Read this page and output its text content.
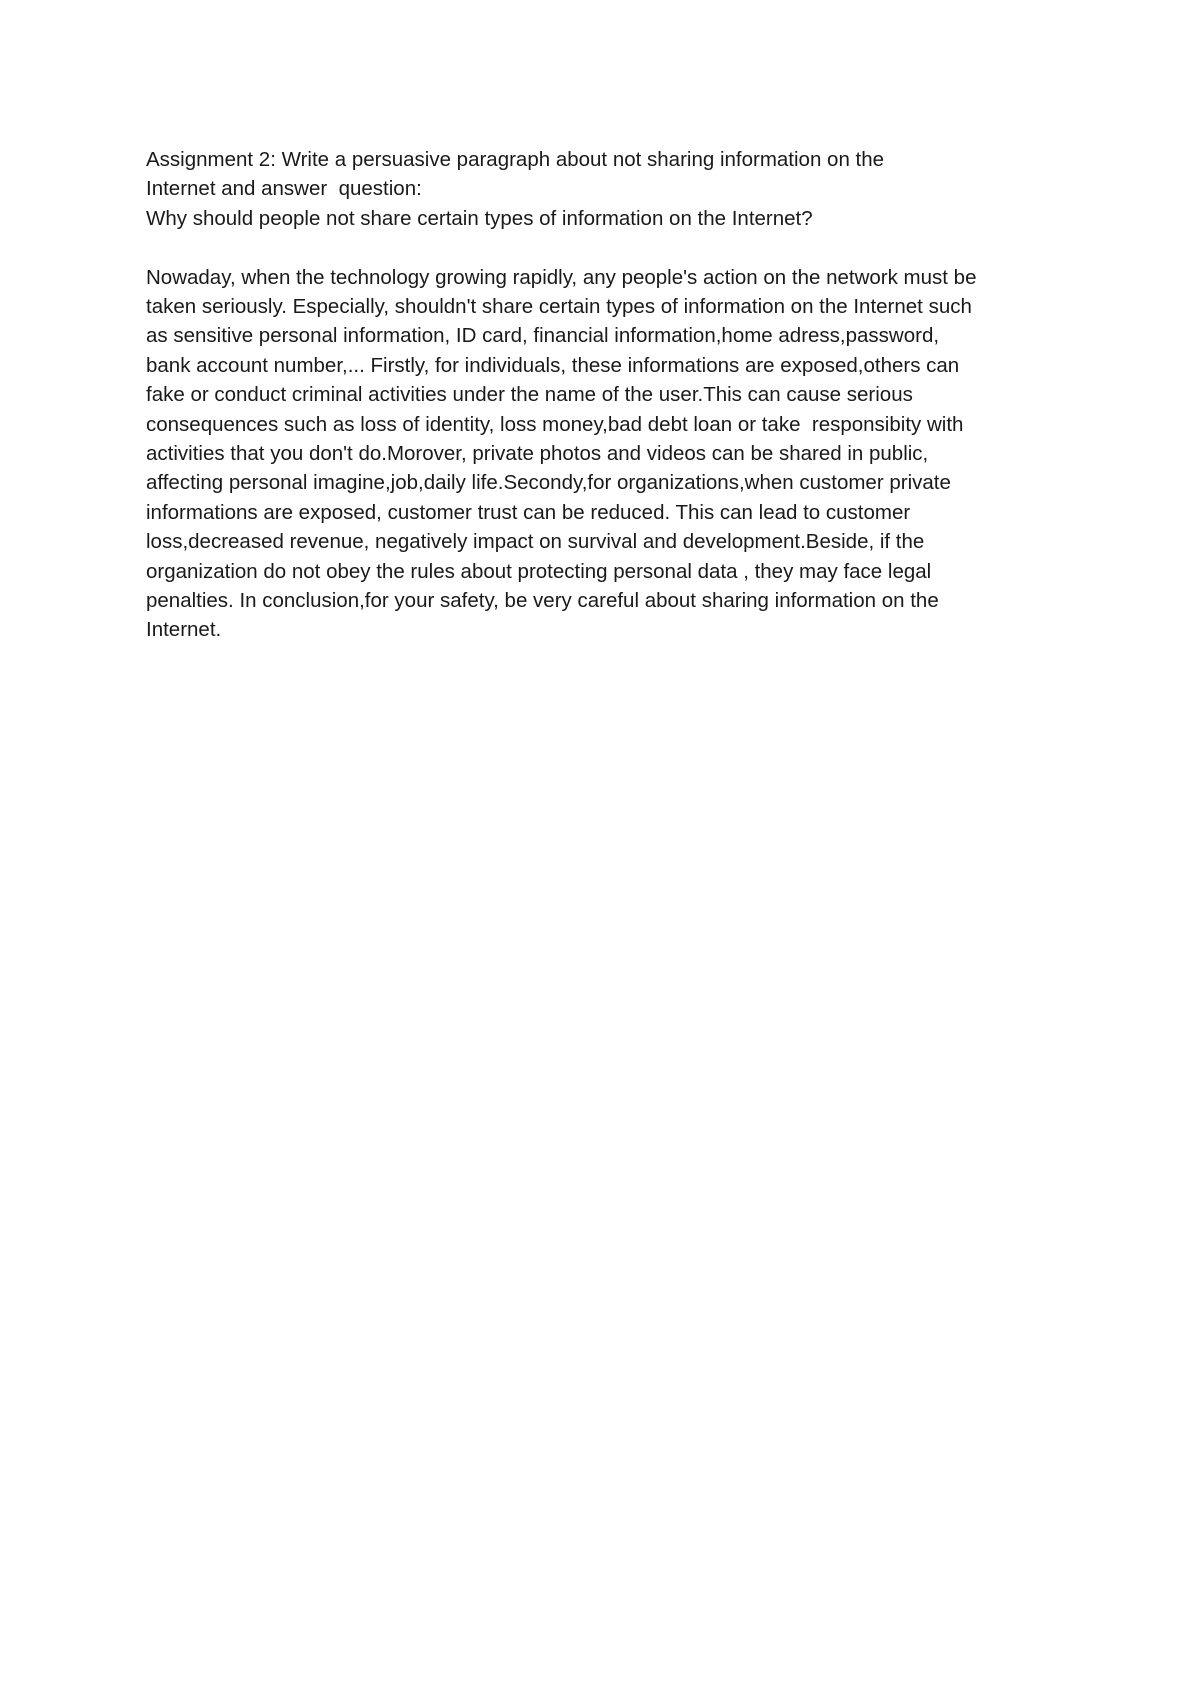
Assignment 2: Write a persuasive paragraph about not sharing information on the
Internet and answer  question:
Why should people not share certain types of information on the Internet?
Nowaday, when the technology growing rapidly, any people's action on the network must be
taken seriously. Especially, shouldn't share certain types of information on the Internet such
as sensitive personal information, ID card, financial information,home adress,password,
bank account number,... Firstly, for individuals, these informations are exposed,others can
fake or conduct criminal activities under the name of the user.This can cause serious
consequences such as loss of identity, loss money,bad debt loan or take  responsibity with
activities that you don't do.Morover, private photos and videos can be shared in public,
affecting personal imagine,job,daily life.Secondy,for organizations,when customer private
informations are exposed, customer trust can be reduced. This can lead to customer
loss,decreased revenue, negatively impact on survival and development.Beside, if the
organization do not obey the rules about protecting personal data , they may face legal
penalties. In conclusion,for your safety, be very careful about sharing information on the
Internet.
